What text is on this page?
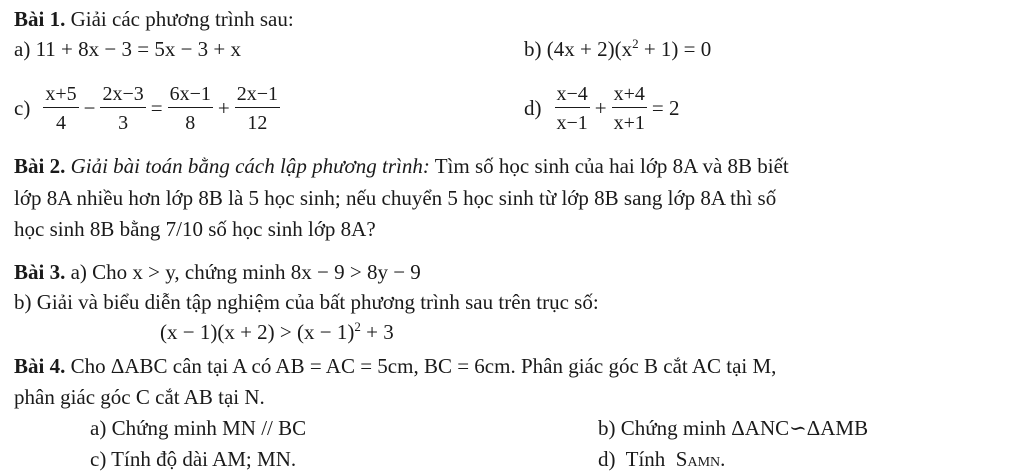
Bài 1. Giải các phương trình sau:
a) 11 + 8x − 3 = 5x − 3 + x	b) $(4x + 2)(x^2 + 1) = 0$
$c) \frac{x+5}{4} - \frac{2x-3}{3} = \frac{6x-1}{8} + \frac{2x-1}{12}$	$d) \frac{x-4}{x-1} + \frac{x+4}{x+1} = 2$
Bài 2. Giải bài toán bằng cách lập phương trình: Tìm số học sinh của hai lớp 8A và 8B biết
lớp 8A nhiều hơn lớp 8B là 5 học sinh; nếu chuyển 5 học sinh từ lớp 8B sang lớp 8A thì số
học sinh 8B bằng 7/10 số học sinh lớp 8A?
Bài 3. a) Cho x > y, chứng minh 8x − 9 > 8y − 9
b) Giải và biểu diễn tập nghiệm của bất phương trình sau trên trục số:
$(x - 1)(x + 2) > (x - 1)^2 + 3$
Bài 4. Cho ΔABC cân tại A có AB = AC = 5cm, BC = 6cm. Phân giác góc B cắt AC tại M,
phân giác góc C cắt AB tại N.
a) Chứng minh MN // BC	b) Chứng minh ΔANC∽ΔAMB
c) Tính độ dài AM; MN.	d)  Tính  SAMN.
